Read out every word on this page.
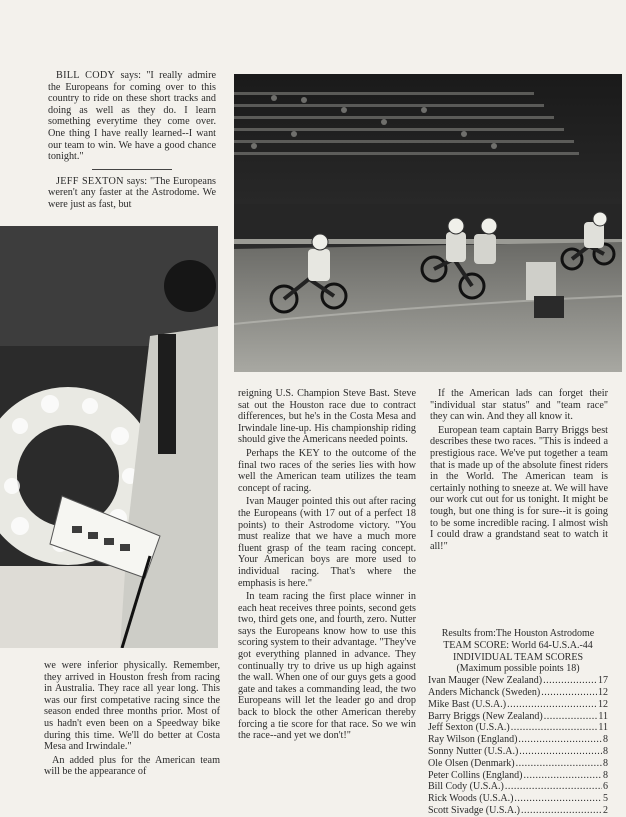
BILL CODY says: "I really admire the Europeans for coming over to this country to ride on these short tracks and doing as well as they do. I learn something everytime they come over. One thing I have really learned--I want our team to win. We have a good chance tonight."

JEFF SEXTON says: "The Europeans weren't any faster at the Astrodome. We were just as fast, but

we were inferior physically. Remember, they arrived in Houston fresh from racing in Australia. They race all year long. This was our first competative racing since the season ended three months prior. Most of us hadn't even been on a Speedway bike during this time. We'll do better at Costa Mesa and Irwindale."

An added plus for the American team will be the appearance of

reigning U.S. Champion Steve Bast. Steve sat out the Houston race due to contract differences, but he's in the Costa Mesa and Irwindale line-up. His championship riding should give the Americans needed points.

Perhaps the KEY to the outcome of the final two races of the series lies with how well the American team utilizes the team concept of racing.

Ivan Mauger pointed this out after racing the Europeans (with 17 out of a perfect 18 points) to their Astrodome victory. "You must realize that we have a much more fluent grasp of the team racing concept. Your American boys are more used to individual racing. That's where the emphasis is here."

In team racing the first place winner in each heat receives three points, second gets two, third gets one, and fourth, zero. Nutter says the Europeans know how to use this scoring system to their advantage. "They've got everything planned in advance. They continually try to drive us up high against the wall. When one of our guys gets a good gate and takes a commanding lead, the two Europeans will let the leader go and drop back to block the other American thereby forcing a tie score for that race. So we win the race--and yet we don't!"

If the American lads can forget their "individual star status" and "team race" they can win. And they all know it.

European team captain Barry Briggs best describes these two races. "This is indeed a prestigious race. We've put together a team that is made up of the absolute finest riders in the World. The American team is certainly nothing to sneeze at. We will have our work cut out for us tonight. It might be tough, but one thing is for sure--it is going to be some incredible racing. I almost wish I could draw a grandstand seat to watch it all!"

Results from:The Houston Astrodome
TEAM SCORE: World 64-U.S.A.-44
INDIVIDUAL TEAM SCORES
(Maximum possible points 18)
Ivan Mauger (New Zealand) .....	17
Anders Michanck (Sweden) .....	12
Mike Bast (U.S.A.) .....	12
Barry Briggs (New Zealand) .....	11
Jeff Sexton (U.S.A.) .....	11
Ray Wilson (England) .....	8
Sonny Nutter (U.S.A.) .....	8
Ole Olsen (Denmark) .....	8
Peter Collins (England) .....	8
Bill Cody (U.S.A.) .....	6
Rick Woods (U.S.A.) .....	5
Scott Sivadge (U.S.A.) .....	2
